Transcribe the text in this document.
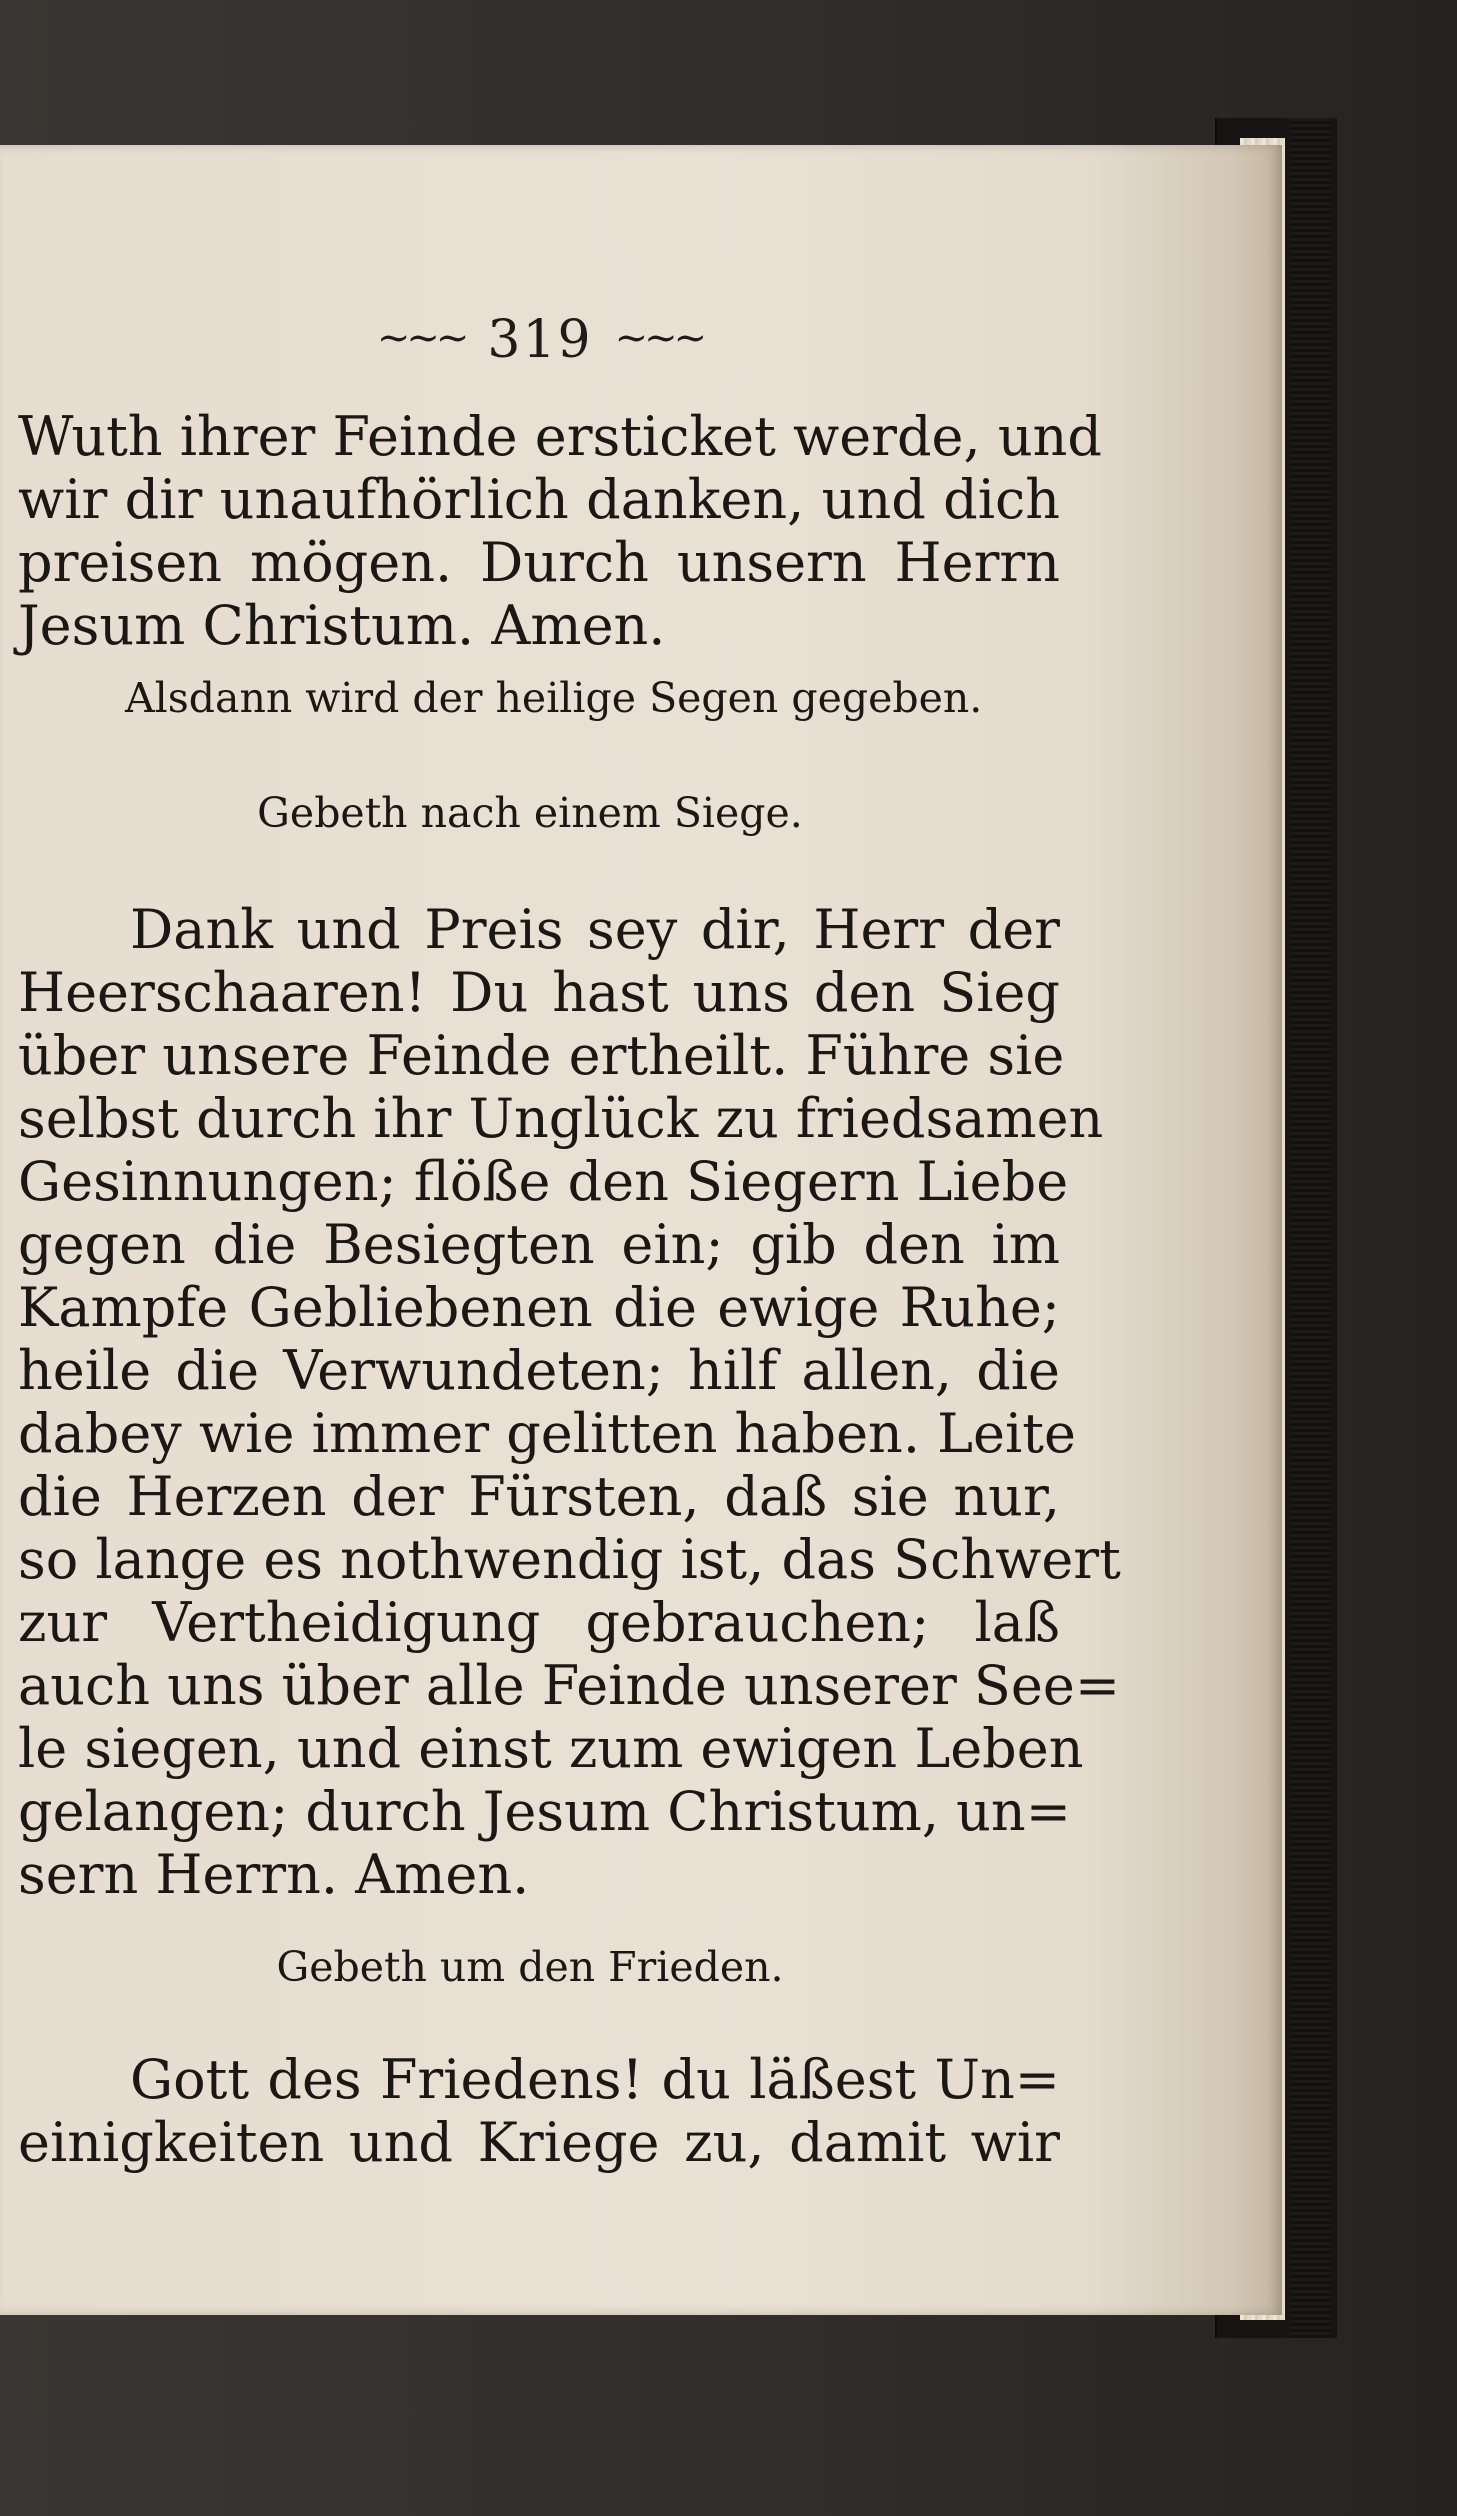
~~~ 319 ~~~
Wuth ihrer Feinde ersticket werde, und
wir dir unaufhörlich danken, und dich
preisen mögen. Durch unsern Herrn
Jesum Christum. Amen.
Alsdann wird der heilige Segen gegeben.
Gebeth nach einem Siege.
Dank und Preis sey dir, Herr der
Heerschaaren! Du hast uns den Sieg
über unsere Feinde ertheilt. Führe sie
selbst durch ihr Unglück zu friedsamen
Gesinnungen; flöße den Siegern Liebe
gegen die Besiegten ein; gib den im
Kampfe Gebliebenen die ewige Ruhe;
heile die Verwundeten; hilf allen, die
dabey wie immer gelitten haben. Leite
die Herzen der Fürsten, daß sie nur,
so lange es nothwendig ist, das Schwert
zur Vertheidigung gebrauchen; laß
auch uns über alle Feinde unserer See=
le siegen, und einst zum ewigen Leben
gelangen; durch Jesum Christum, un=
sern Herrn. Amen.
Gebeth um den Frieden.
Gott des Friedens! du läßest Un=
einigkeiten und Kriege zu, damit wir
